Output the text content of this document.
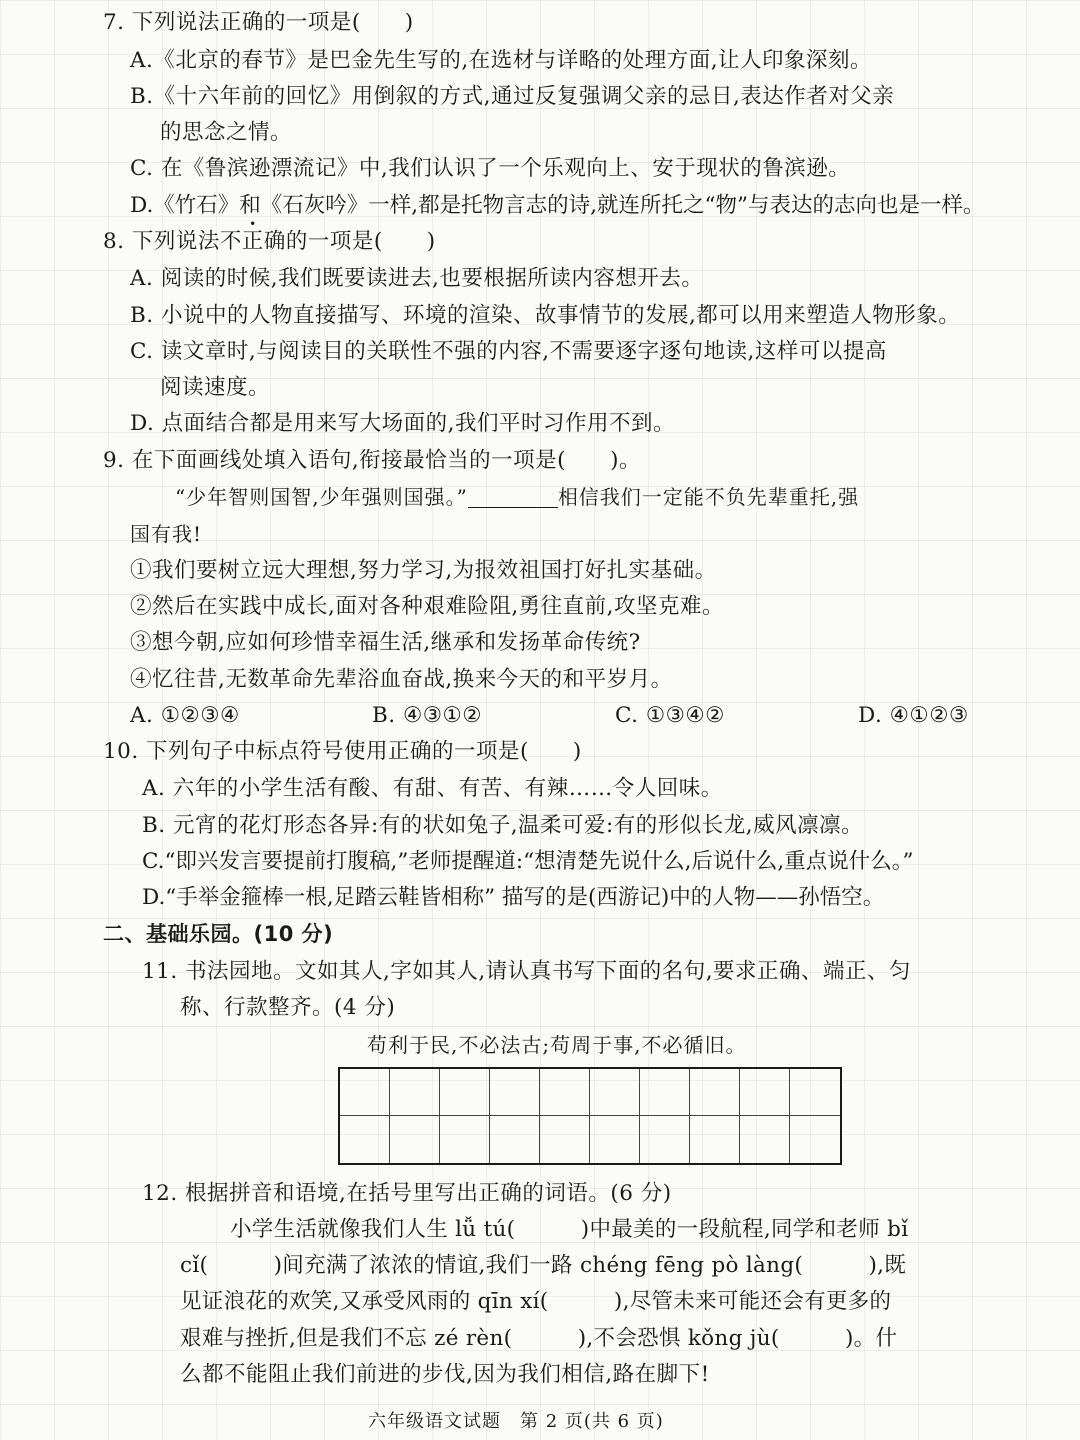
7. 下列说法正确的一项是(　　)

A.《北京的春节》是巴金先生写的,在选材与详略的处理方面,让人印象深刻。

B.《十六年前的回忆》用倒叙的方式,通过反复强调父亲的忌日,表达作者对父亲

的思念之情。

C. 在《鲁滨逊漂流记》中,我们认识了一个乐观向上、安于现状的鲁滨逊。

D.《竹石》和《石灰吟》一样,都是托物言志的诗,就连所托之“物”与表达的志向也是一样。

8. 下列说法不正确的一项是(　　)

A. 阅读的时候,我们既要读进去,也要根据所读内容想开去。

B. 小说中的人物直接描写、环境的渲染、故事情节的发展,都可以用来塑造人物形象。

C. 读文章时,与阅读目的关联性不强的内容,不需要逐字逐句地读,这样可以提高

阅读速度。

D. 点面结合都是用来写大场面的,我们平时习作用不到。

9. 在下面画线处填入语句,衔接最恰当的一项是(　　)。

“少年智则国智,少年强则国强。”	相信我们一定能不负先辈重托,强

国有我!

①我们要树立远大理想,努力学习,为报效祖国打好扎实基础。

②然后在实践中成长,面对各种艰难险阻,勇往直前,攻坚克难。

③想今朝,应如何珍惜幸福生活,继承和发扬革命传统?

④忆往昔,无数革命先辈浴血奋战,换来今天的和平岁月。

A. ①②③④	B. ④③①②	C. ①③④②	D. ④①②③

10. 下列句子中标点符号使用正确的一项是(　　)

A. 六年的小学生活有酸、有甜、有苦、有辣……令人回味。

B. 元宵的花灯形态各异:有的状如兔子,温柔可爱:有的形似长龙,威风凛凛。

C.“即兴发言要提前打腹稿,”老师提醒道:“想清楚先说什么,后说什么,重点说什么。”

D.“手举金箍棒一根,足踏云鞋皆相称” 描写的是(西游记)中的人物——孙悟空。

二、基础乐园。(10 分)

11. 书法园地。文如其人,字如其人,请认真书写下面的名句,要求正确、端正、匀

称、行款整齐。(4 分)

苟利于民,不必法古;苟周于事,不必循旧。

12. 根据拼音和语境,在括号里写出正确的词语。(6 分)

小学生活就像我们人生 lǚ tú(　　　)中最美的一段航程,同学和老师 bǐ

cǐ(　　　)间充满了浓浓的情谊,我们一路 chéng fēng pò làng(　　　),既

见证浪花的欢笑,又承受风雨的 qīn xí(　　　),尽管未来可能还会有更多的

艰难与挫折,但是我们不忘 zé rèn(　　　),不会恐惧 kǒng jù(　　　)。什

么都不能阻止我们前进的步伐,因为我们相信,路在脚下!

六年级语文试题　第 2 页(共 6 页)
